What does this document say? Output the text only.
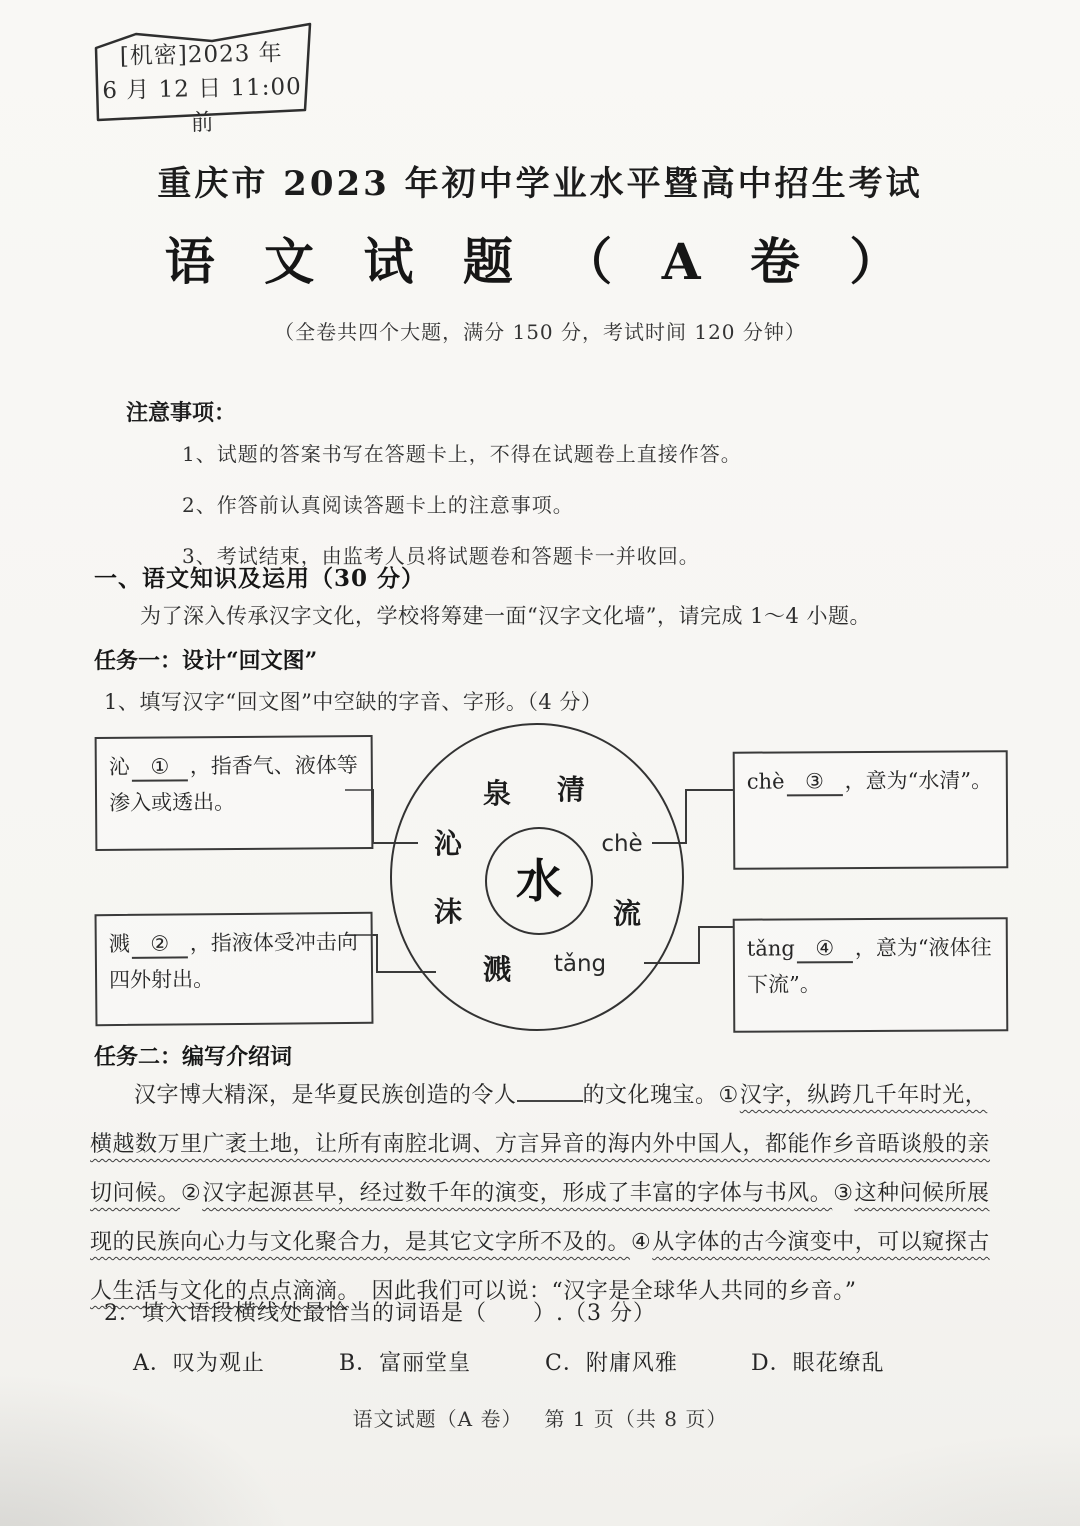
[机密]2023 年
6 月 12 日 11:00 前
重庆市 2023 年初中学业水平暨高中招生考试
语 文 试 题 （ A 卷 ）
（全卷共四个大题，满分 150 分，考试时间 120 分钟）
注意事项：
1、试题的答案书写在答题卡上，不得在试题卷上直接作答。
2、作答前认真阅读答题卡上的注意事项。
3、考试结束，由监考人员将试题卷和答题卡一并收回。
一、语文知识及运用（30 分）
为了深入传承汉字文化，学校将筹建一面“汉字文化墙”，请完成 1～4 小题。
任务一：设计“回文图”
1、填写汉字“回文图”中空缺的字音、字形。（4 分）
泉 清
沁	chè
沫	流
溅 tǎng
水
沁 ① ，指香气、液体等渗入或透出。
溅 ② ，指液体受冲击向四外射出。
chè ③ ，意为“水清”。
tǎng ④ ，意为“液体往下流”。
任务二：编写介绍词
汉字博大精深，是华夏民族创造的令人	的文化瑰宝。①汉字，纵跨几千年时光，
横越数万里广袤土地，让所有南腔北调、方言异音的海内外中国人，都能作乡音晤谈般的亲
切问候。②汉字起源甚早，经过数千年的演变，形成了丰富的字体与书风。③这种问候所展
现的民族向心力与文化聚合力，是其它文字所不及的。④从字体的古今演变中，可以窥探古
人生活与文化的点点滴滴。　因此我们可以说：“汉字是全球华人共同的乡音。”
2．填入语段横线处最恰当的词语是（　　）.（3 分）
A．叹为观止	B．富丽堂皇	C．附庸风雅	D．眼花缭乱
语文试题（A 卷） 第 1 页（共 8 页）
